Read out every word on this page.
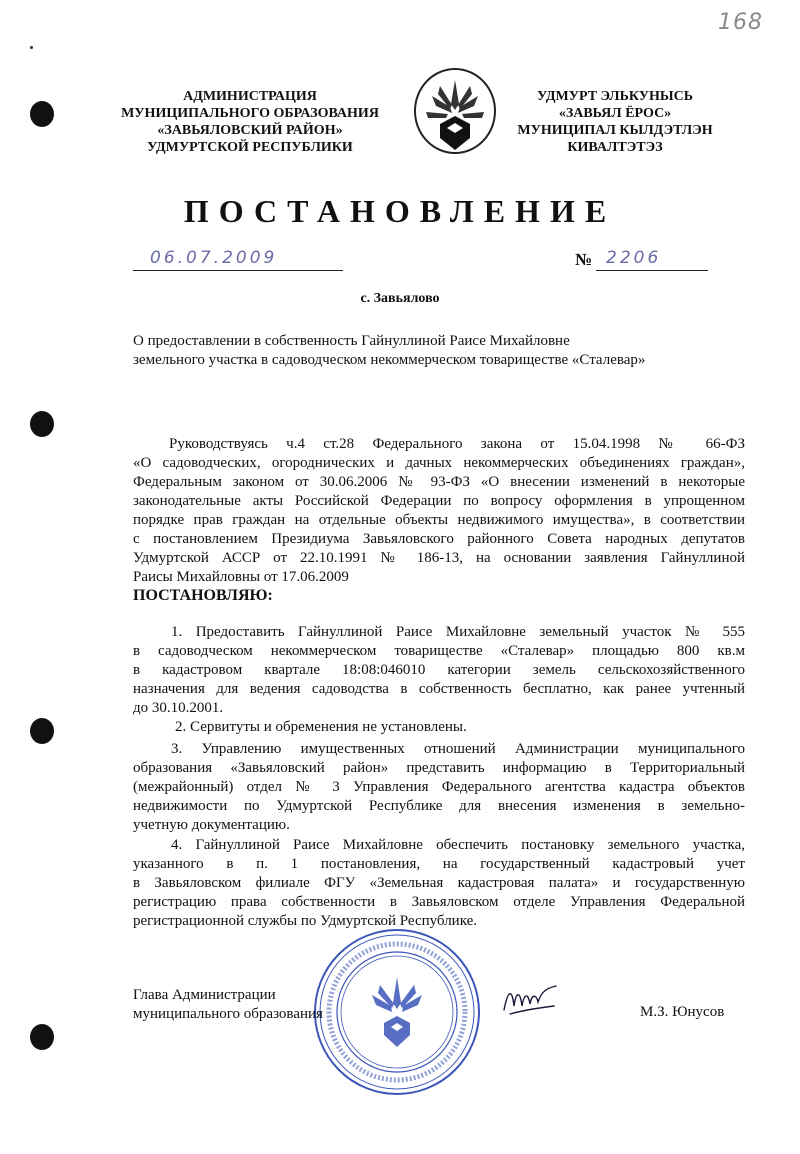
168
АДМИНИСТРАЦИЯ
МУНИЦИПАЛЬНОГО ОБРАЗОВАНИЯ
«ЗАВЬЯЛОВСКИЙ РАЙОН»
УДМУРТСКОЙ РЕСПУБЛИКИ
УДМУРТ ЭЛЬКУНЫСЬ
«ЗАВЬЯЛ ЁРОС»
МУНИЦИПАЛ КЫЛДЭТЛЭН
КИВАЛТЭТЭЗ
ПОСТАНОВЛЕНИЕ
06.07.2009	№ 2206
с. Завьялово
О предоставлении в собственность Гайнуллиной Раисе Михайловне
земельного участка в садоводческом некоммерческом товариществе «Сталевар»
Руководствуясь ч.4 ст.28 Федерального закона от 15.04.1998 № 66-ФЗ
«О садоводческих, огороднических и дачных некоммерческих объединениях граждан»,
Федеральным законом от 30.06.2006 № 93-ФЗ «О внесении изменений в некоторые
законодательные акты Российской Федерации по вопросу оформления в упрощенном
порядке прав граждан на отдельные объекты недвижимого имущества», в соответствии
с постановлением Президиума Завьяловского районного Совета народных депутатов
Удмуртской АССР от 22.10.1991 № 186-13, на основании заявления Гайнуллиной
Раисы Михайловны от 17.06.2009
ПОСТАНОВЛЯЮ:
1. Предоставить Гайнуллиной Раисе Михайловне земельный участок № 555
в садоводческом некоммерческом товариществе «Сталевар» площадью 800 кв.м
в кадастровом квартале 18:08:046010 категории земель сельскохозяйственного
назначения для ведения садоводства в собственность бесплатно, как ранее учтенный
до 30.10.2001.
2. Сервитуты и обременения не установлены.
3. Управлению имущественных отношений Администрации муниципального
образования «Завьяловский район» представить информацию в Территориальный
(межрайонный) отдел № 3 Управления Федерального агентства кадастра объектов
недвижимости по Удмуртской Республике для внесения изменения в земельно-
учетную документацию.
4. Гайнуллиной Раисе Михайловне обеспечить постановку земельного участка,
указанного в п. 1 постановления, на государственный кадастровый учет
в Завьяловском филиале ФГУ «Земельная кадастровая палата» и государственную
регистрацию права собственности в Завьяловском отделе Управления Федеральной
регистрационной службы по Удмуртской Республике.
Глава Администрации
муниципального образования	М.З. Юнусов
